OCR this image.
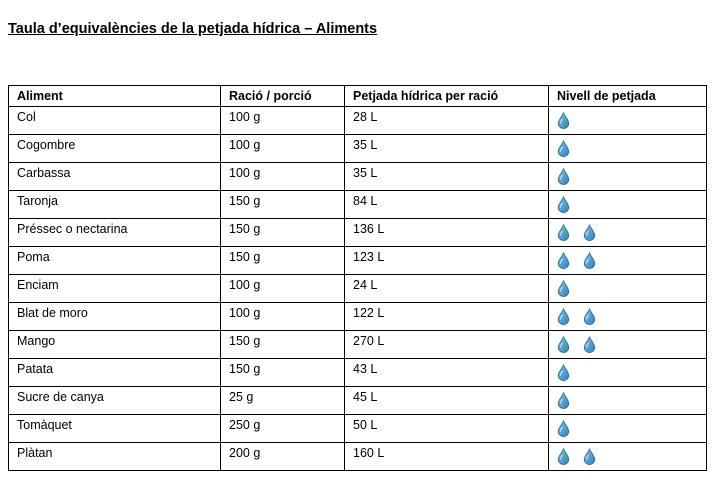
Taula d’equivalències de la petjada hídrica – Aliments
Aliment	Ració / porció	Petjada hídrica per ració	Nivell de petjada
Col	100 g	28 L	

Cogombre	100 g	35 L	

Carbassa	100 g	35 L	

Taronja	150 g	84 L	

Préssec o nectarina	150 g	136 L	

Poma	150 g	123 L	

Enciam	100 g	24 L	

Blat de moro	100 g	122 L	

Mango	150 g	270 L	

Patata	150 g	43 L	

Sucre de canya	25 g	45 L	

Tomàquet	250 g	50 L	

Plàtan	200 g	160 L	
